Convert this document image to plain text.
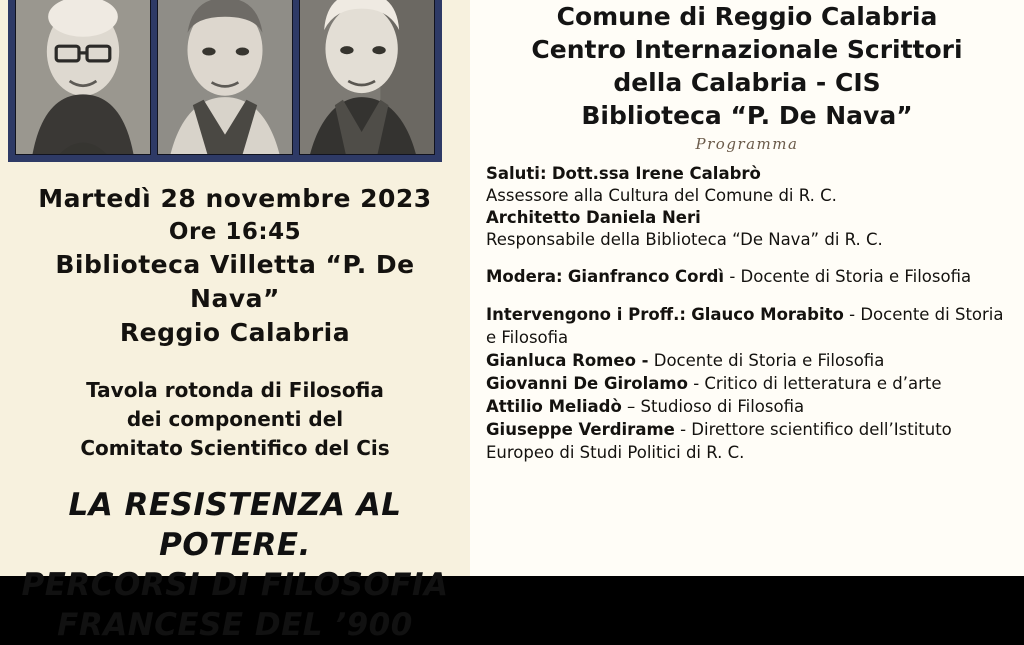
Martedì 28 novembre 2023
Ore 16:45
Biblioteca Villetta “P. De Nava”
Reggio Calabria
Tavola rotonda di Filosofia
dei componenti del
Comitato Scientifico del Cis
LA RESISTENZA AL POTERE.
PERCORSI DI FILOSOFIA
FRANCESE DEL ’900
Comune di Reggio Calabria
Centro Internazionale Scrittori
della Calabria - CIS
Biblioteca “P. De Nava”
Programma
Saluti: Dott.ssa Irene Calabrò
Assessore alla Cultura del Comune di R. C.
Architetto Daniela Neri
Responsabile della Biblioteca “De Nava” di R. C.
Modera: Gianfranco Cordì - Docente di Storia e Filosofia
Intervengono i Proff.: Glauco Morabito - Docente di Storia e Filosofia
Gianluca Romeo - Docente di Storia e Filosofia
Giovanni De Girolamo - Critico di letteratura e d’arte
Attilio Meliadò – Studioso di Filosofia
Giuseppe Verdirame - Direttore scientifico dell’Istituto Europeo di Studi Politici di R. C.
